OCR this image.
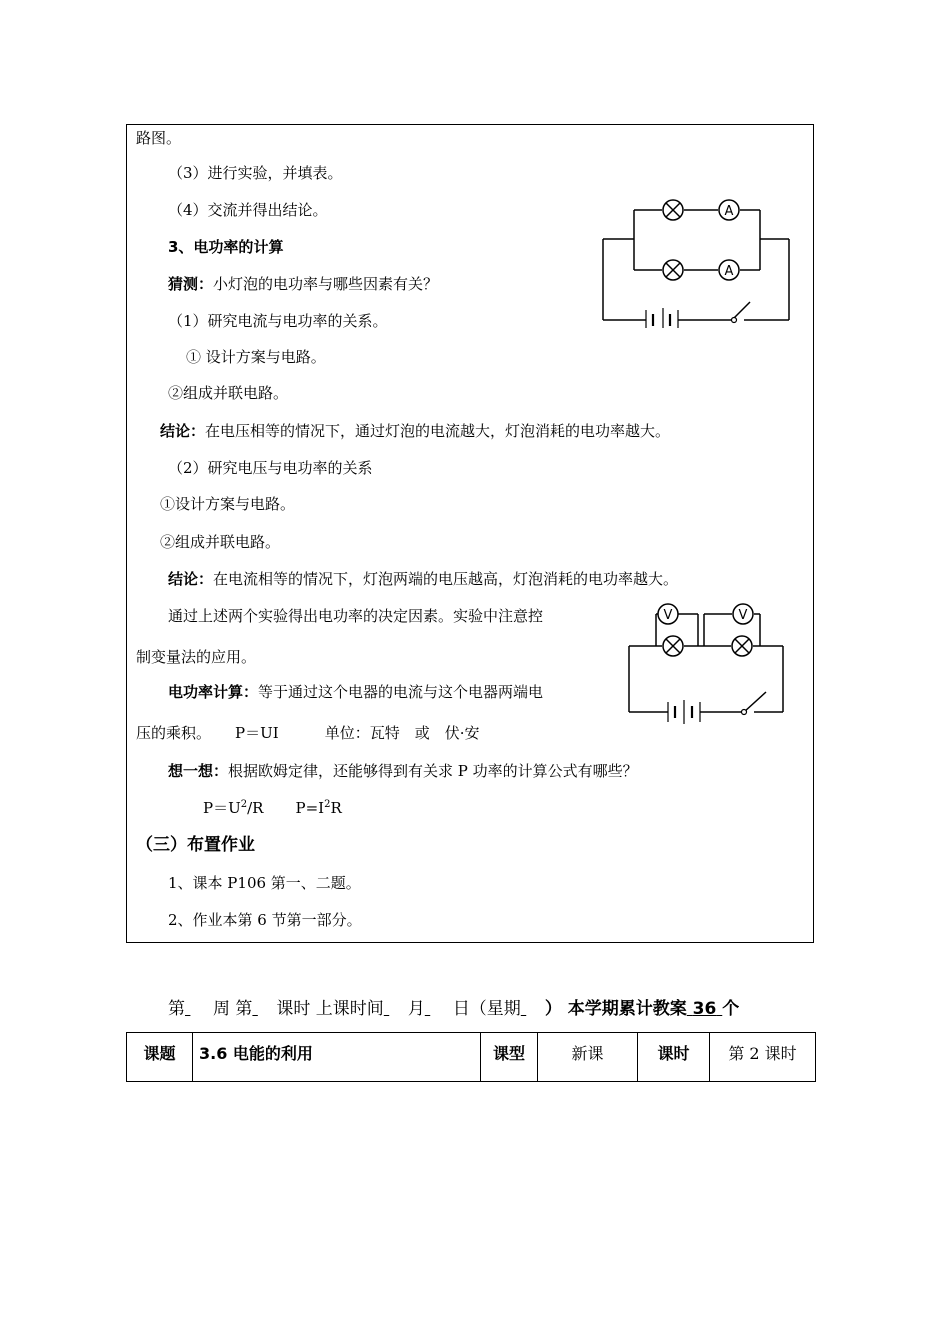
路图。
（3）进行实验，并填表。
（4）交流并得出结论。
3、电功率的计算
猜测：小灯泡的电功率与哪些因素有关？
（1）研究电流与电功率的关系。
① 设计方案与电路。
②组成并联电路。
结论：在电压相等的情况下，通过灯泡的电流越大，灯泡消耗的电功率越大。
（2）研究电压与电功率的关系
①设计方案与电路。
②组成并联电路。
结论：在电流相等的情况下，灯泡两端的电压越高，灯泡消耗的电功率越大。
通过上述两个实验得出电功率的决定因素。实验中注意控
制变量法的应用。
电功率计算：等于通过这个电器的电流与这个电器两端电
压的乘积。 P＝UI	单位：瓦特　或　伏·安
想一想：根据欧姆定律，还能够得到有关求 P 功率的计算公式有哪些？
$P=U^2/R$ $P=I^2R$
（三）布置作业
1、课本 P106 第一、二题。
2、作业本第 6 节第一部分。
A
A
V	V
第 周 第 课时 上课时间 月 日（星期 ） 本学期累计教案 36 个
课题	3.6 电能的利用	课型	新课	课时	第 2 课时
